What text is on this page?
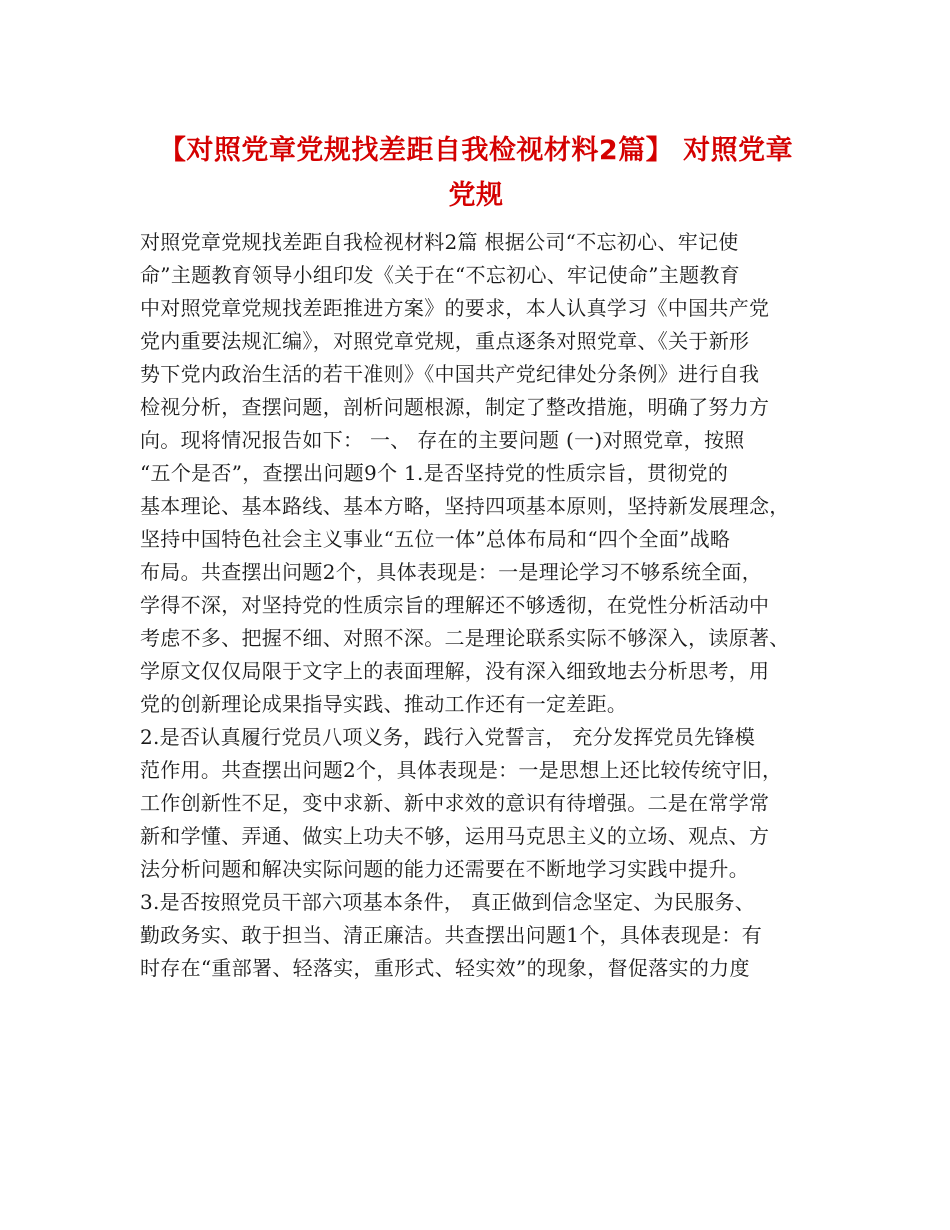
【对照党章党规找差距自我检视材料2篇】 对照党章
党规
对照党章党规找差距自我检视材料2篇 根据公司“不忘初心、牢记使
命”主题教育领导小组印发《关于在“不忘初心、牢记使命”主题教育
中对照党章党规找差距推进方案》的要求，本人认真学习《中国共产党
党内重要法规汇编》，对照党章党规，重点逐条对照党章、《关于新形
势下党内政治生活的若干准则》《中国共产党纪律处分条例》进行自我
检视分析，查摆问题，剖析问题根源，制定了整改措施，明确了努力方
向。现将情况报告如下： 一、 存在的主要问题 (一)对照党章，按照
“五个是否”，查摆出问题9个 1.是否坚持党的性质宗旨，贯彻党的
基本理论、基本路线、基本方略，坚持四项基本原则，坚持新发展理念，
坚持中国特色社会主义事业“五位一体”总体布局和“四个全面”战略
布局。共查摆出问题2个，具体表现是：一是理论学习不够系统全面，
学得不深，对坚持党的性质宗旨的理解还不够透彻，在党性分析活动中
考虑不多、把握不细、对照不深。二是理论联系实际不够深入，读原著、
学原文仅仅局限于文字上的表面理解，没有深入细致地去分析思考，用
党的创新理论成果指导实践、推动工作还有一定差距。
2.是否认真履行党员八项义务，践行入党誓言， 充分发挥党员先锋模
范作用。共查摆出问题2个，具体表现是：一是思想上还比较传统守旧，
工作创新性不足，变中求新、新中求效的意识有待增强。二是在常学常
新和学懂、弄通、做实上功夫不够，运用马克思主义的立场、观点、方
法分析问题和解决实际问题的能力还需要在不断地学习实践中提升。
3.是否按照党员干部六项基本条件， 真正做到信念坚定、为民服务、
勤政务实、敢于担当、清正廉洁。共查摆出问题1个，具体表现是：有
时存在“重部署、轻落实，重形式、轻实效”的现象，督促落实的力度
